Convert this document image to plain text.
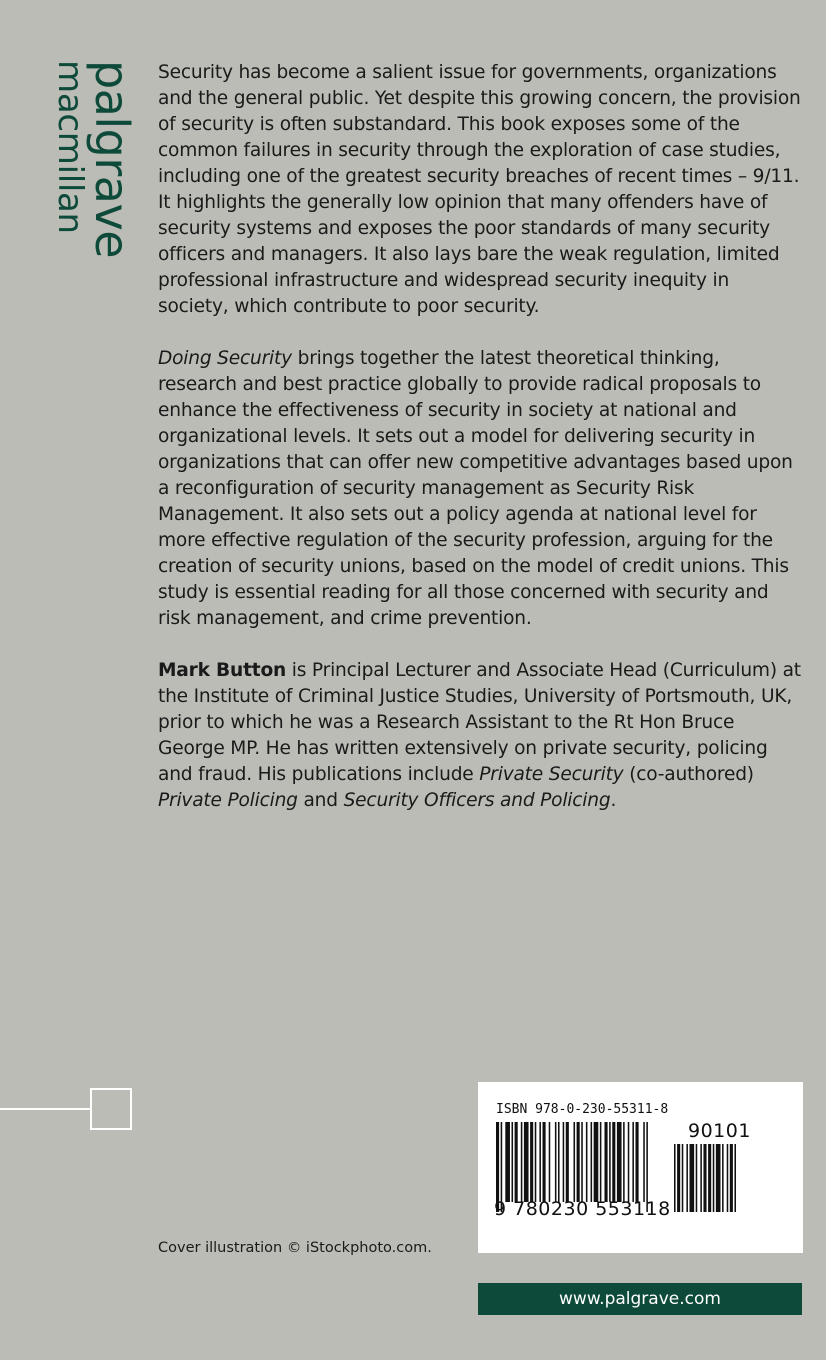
palgrave
macmillan	Security has become a salient issue for governments, organizations and the general public. Yet despite this growing concern, the provision of security is often substandard. This book exposes some of the common failures in security through the exploration of case studies, including one of the greatest security breaches of recent times – 9/11. It highlights the generally low opinion that many offenders have of security systems and exposes the poor standards of many security officers and managers. It also lays bare the weak regulation, limited professional infrastructure and widespread security inequity in society, which contribute to poor security.

Doing Security brings together the latest theoretical thinking, research and best practice globally to provide radical proposals to enhance the effectiveness of security in society at national and organizational levels. It sets out a model for delivering security in organizations that can offer new competitive advantages based upon a reconfiguration of security management as Security Risk Management. It also sets out a policy agenda at national level for more effective regulation of the security profession, arguing for the creation of security unions, based on the model of credit unions. This study is essential reading for all those concerned with security and risk management, and crime prevention.

Mark Button is Principal Lecturer and Associate Head (Curriculum) at the Institute of Criminal Justice Studies, University of Portsmouth, UK, prior to which he was a Research Assistant to the Rt Hon Bruce George MP. He has written extensively on private security, policing and fraud. His publications include Private Security (co-authored) Private Policing and Security Officers and Policing.

Cover illustration © iStockphoto.com.
ISBN 978-0-230-55311-8
9 780230 553118
90101
www.palgrave.com
